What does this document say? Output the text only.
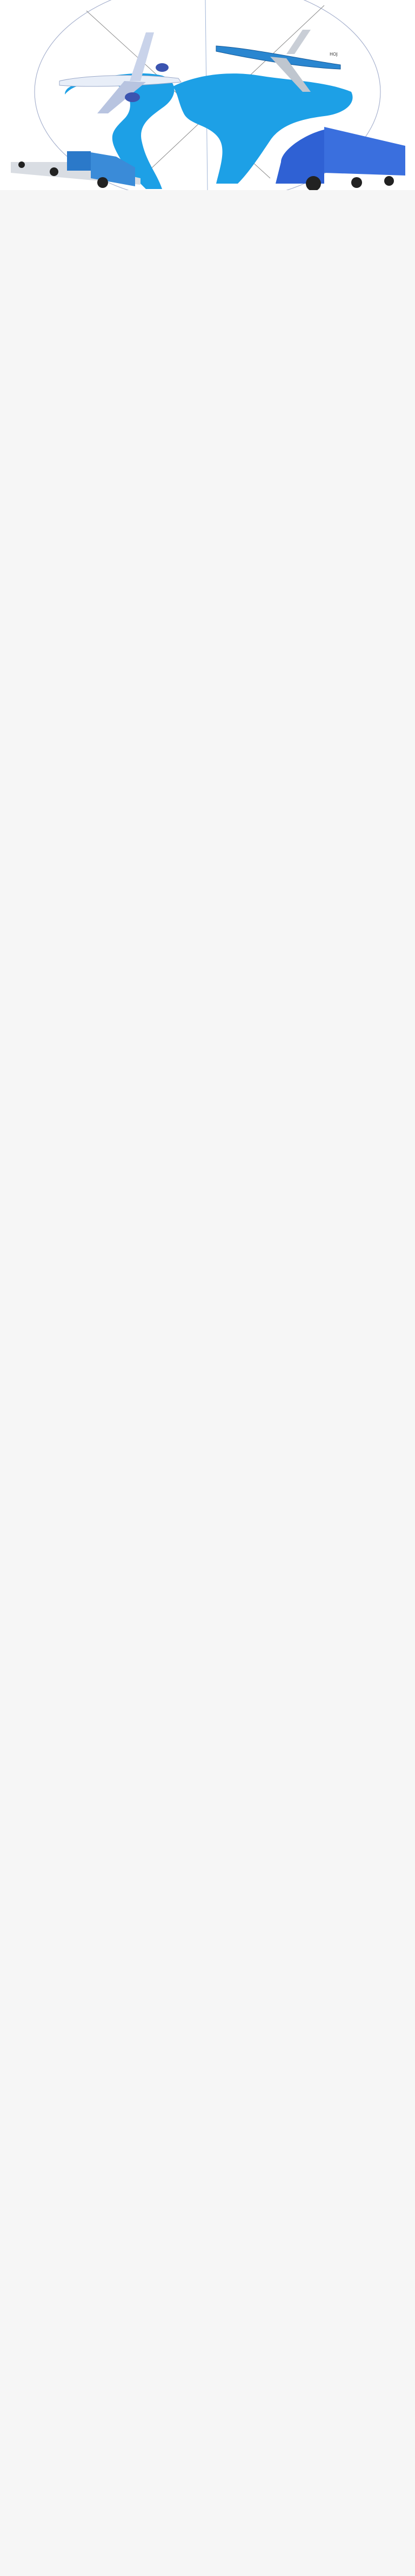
HOJ
